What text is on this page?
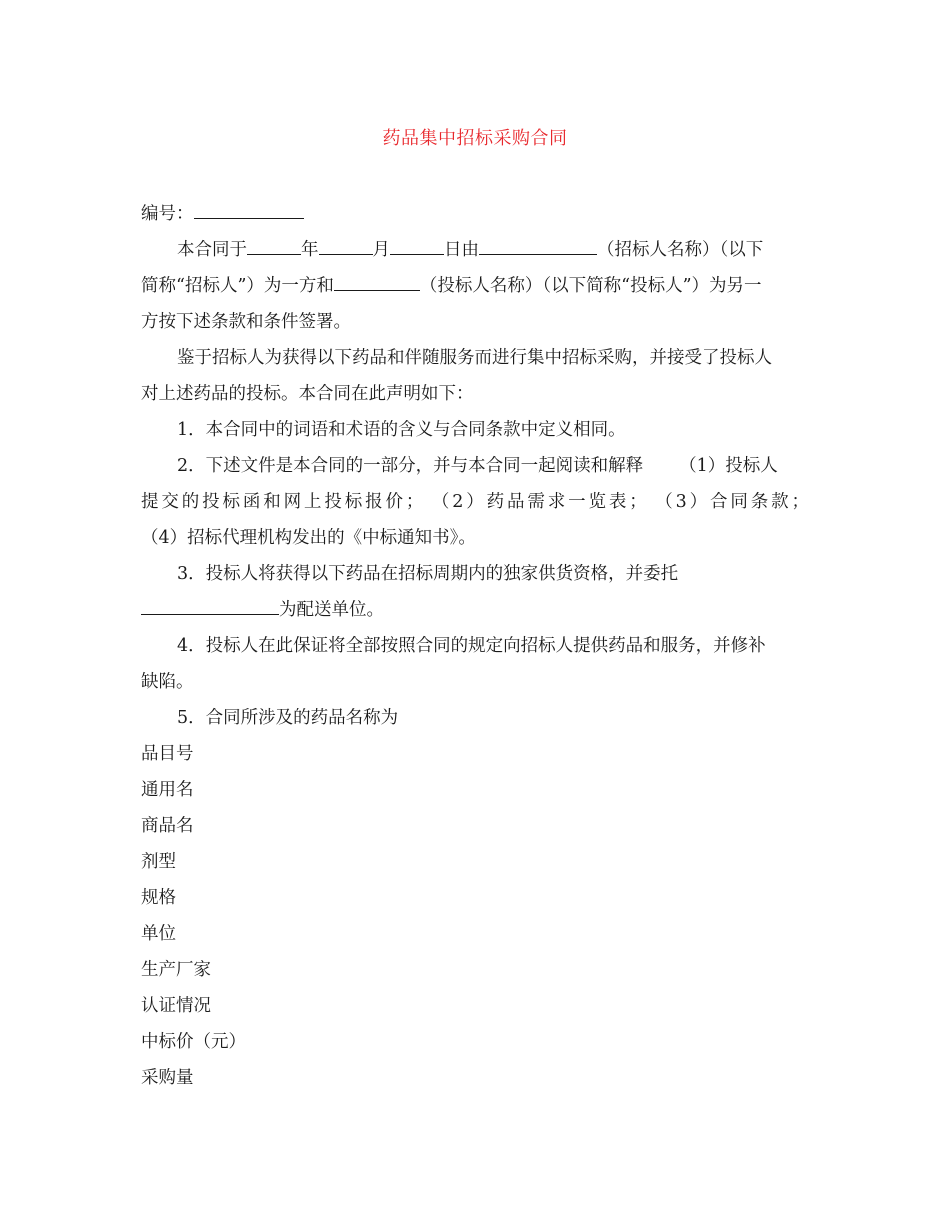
药品集中招标采购合同
编号：
本合同于	年	月	日由	（招标人名称）（以下
简称“招标人”）为一方和	（投标人名称）（以下简称“投标人”）为另一
方按下述条款和条件签署。
鉴于招标人为获得以下药品和伴随服务而进行集中招标采购，并接受了投标人
对上述药品的投标。本合同在此声明如下：
1．本合同中的词语和术语的含义与合同条款中定义相同。
2．下述文件是本合同的一部分，并与本合同一起阅读和解释 （1）投标人
提交的投标函和网上投标报价； （2）药品需求一览表； （3）合同条款；
（4）招标代理机构发出的《中标通知书》。
3．投标人将获得以下药品在招标周期内的独家供货资格，并委托
为配送单位。
4．投标人在此保证将全部按照合同的规定向招标人提供药品和服务，并修补
缺陷。
5．合同所涉及的药品名称为
品目号
通用名
商品名
剂型
规格
单位
生产厂家
认证情况
中标价（元）
采购量
